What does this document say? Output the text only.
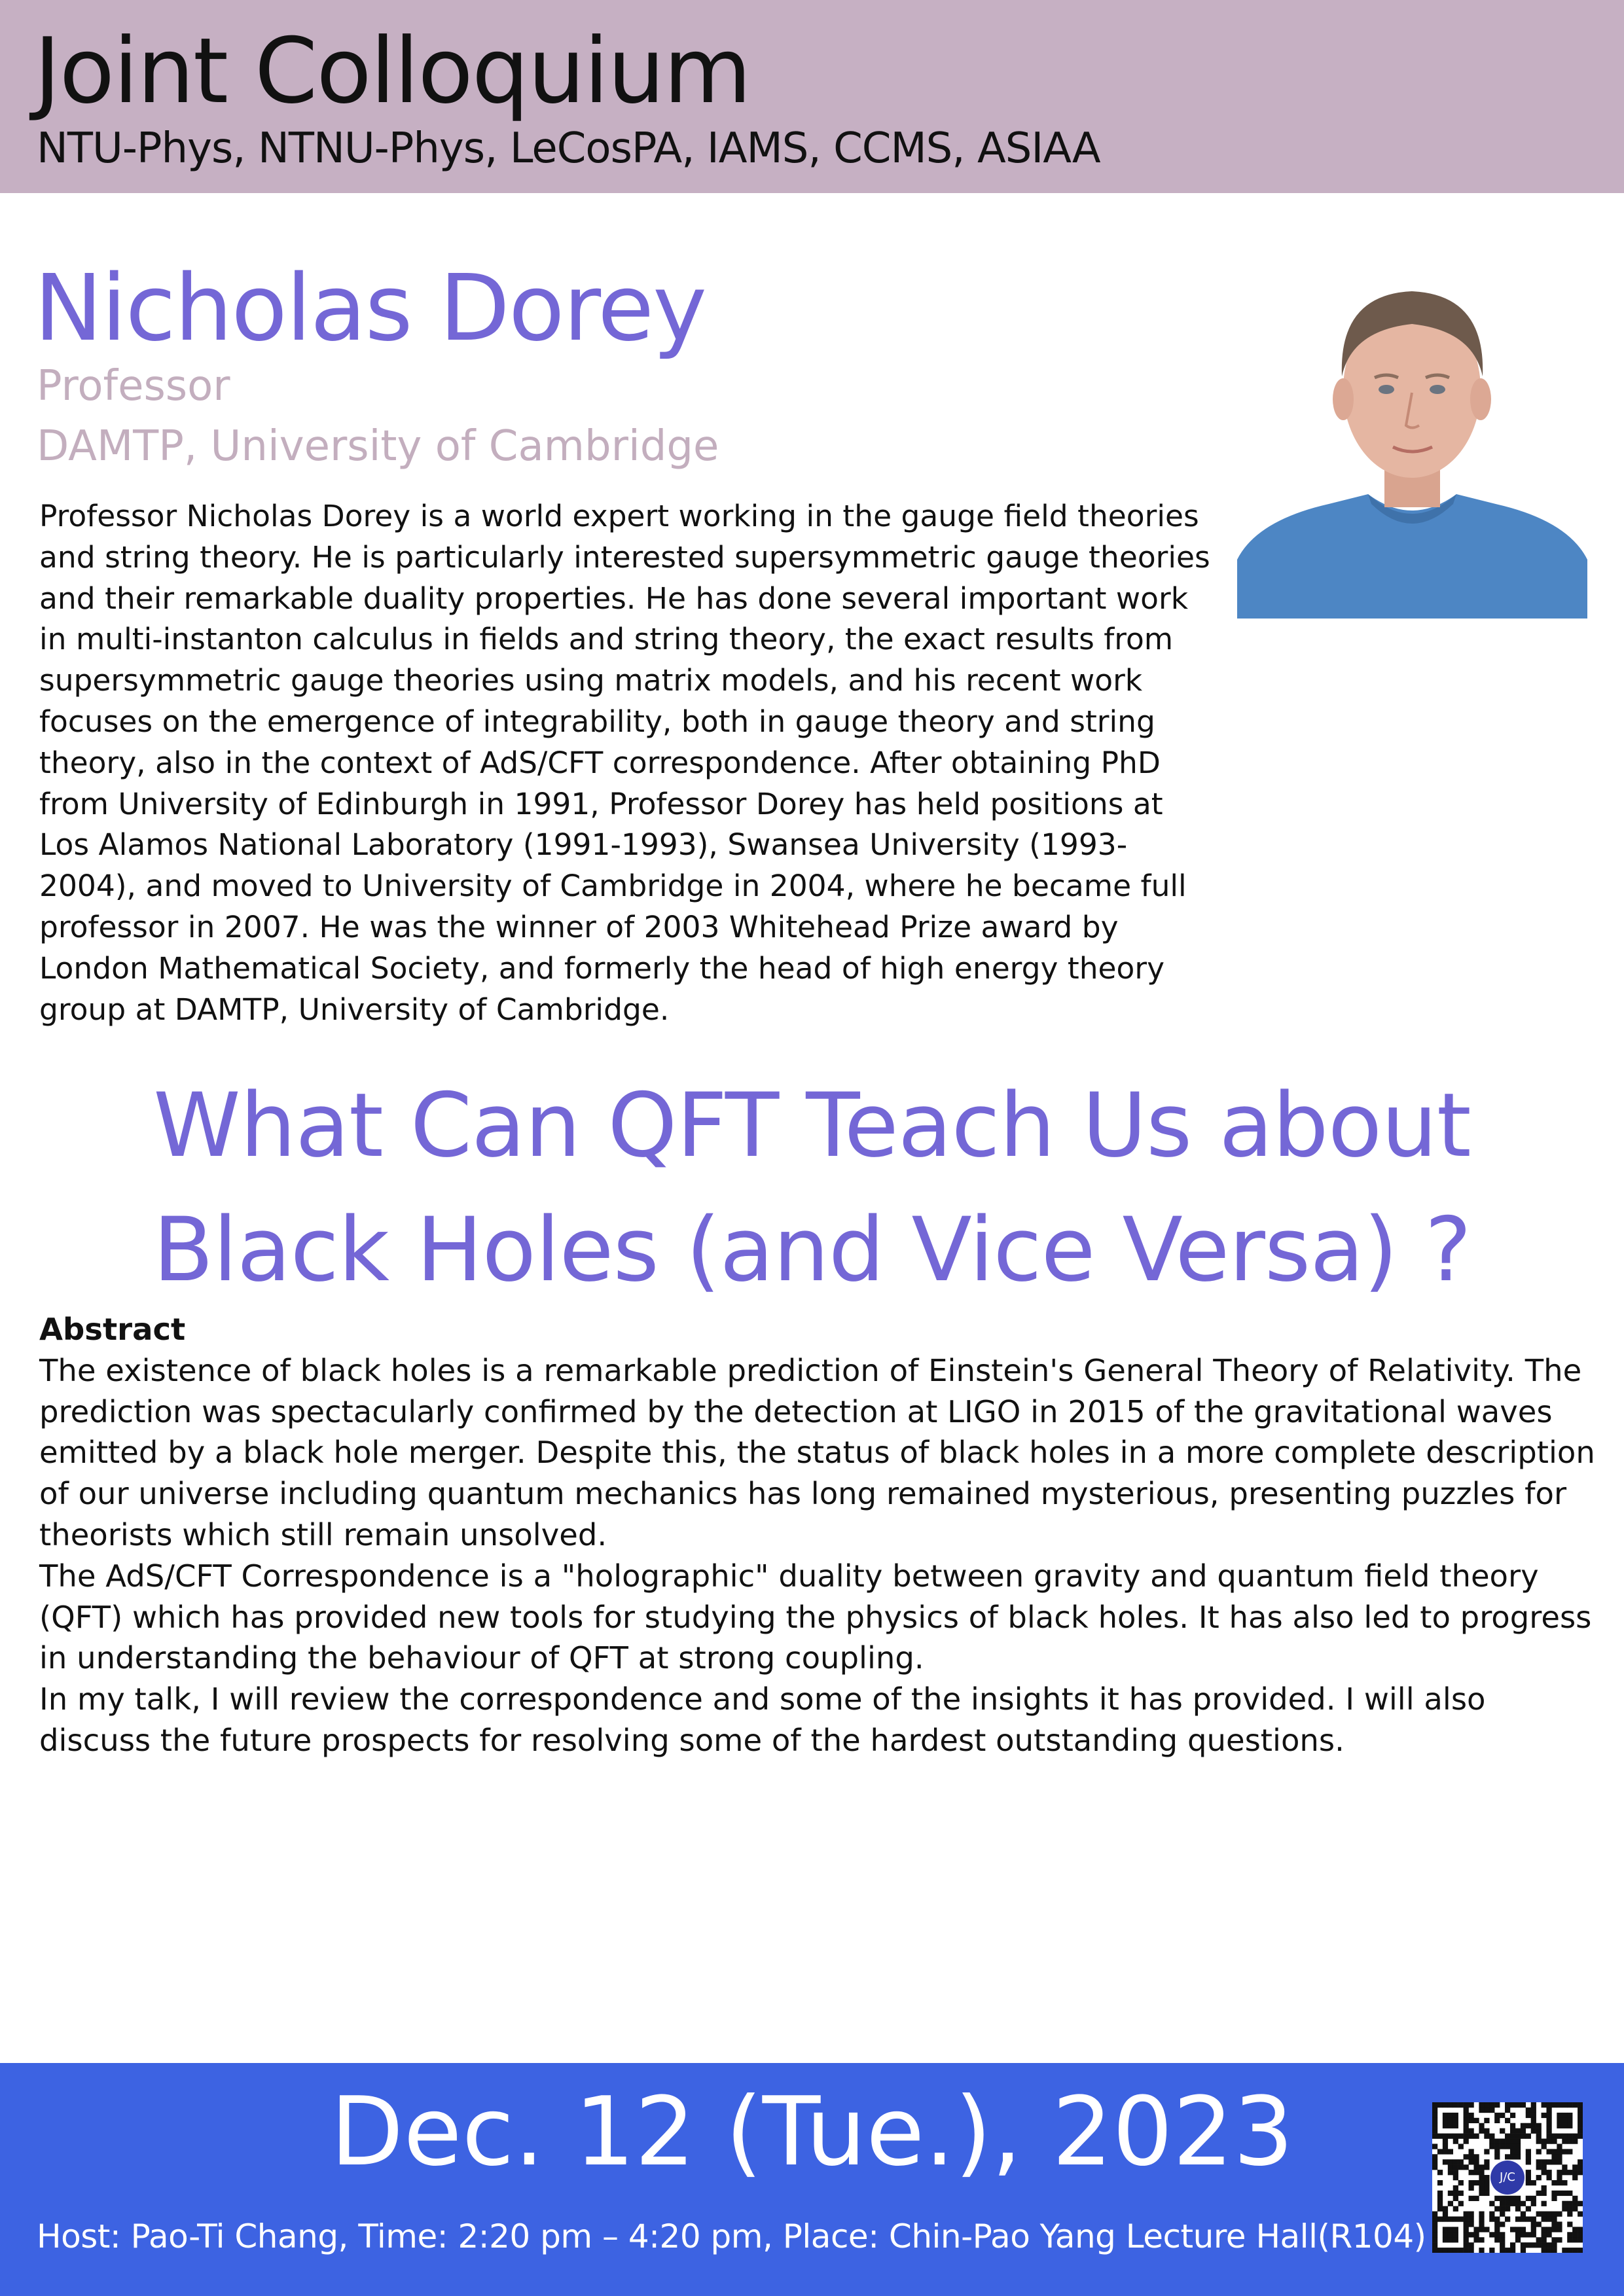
Joint Colloquium
NTU-Phys, NTNU-Phys, LeCosPA, IAMS, CCMS, ASIAA
Nicholas Dorey
Professor
DAMTP, University of Cambridge
Professor Nicholas Dorey is a world expert working in the gauge field theories and string theory. He is particularly interested supersymmetric gauge theories and their remarkable duality properties. He has done several important work in multi-instanton calculus in fields and string theory, the exact results from supersymmetric gauge theories using matrix models, and his recent work focuses on the emergence of integrability, both in gauge theory and string theory, also in the context of AdS/CFT correspondence. After obtaining PhD from University of Edinburgh in 1991, Professor Dorey has held positions at Los Alamos National Laboratory (1991-1993), Swansea University (1993-2004), and moved to University of Cambridge in 2004, where he became full professor in 2007. He was the winner of 2003 Whitehead Prize award by London Mathematical Society, and formerly the head of high energy theory group at DAMTP, University of Cambridge.
What Can QFT Teach Us about
Black Holes (and Vice Versa) ?
Abstract

The existence of black holes is a remarkable prediction of Einstein's General Theory of Relativity. The prediction was spectacularly confirmed by the detection at LIGO in 2015 of the gravitational waves emitted by a black hole merger. Despite this, the status of black holes in a more complete description of our universe including quantum mechanics has long remained mysterious, presenting puzzles for theorists which still remain unsolved.

The AdS/CFT Correspondence is a "holographic" duality between gravity and quantum field theory (QFT) which has provided new tools for studying the physics of black holes. It has also led to progress in understanding the behaviour of QFT at strong coupling.

In my talk, I will review the correspondence and some of the insights it has provided. I will also discuss the future prospects for resolving some of the hardest outstanding questions.

Dec. 12 (Tue.), 2023
Host: Pao-Ti Chang, Time: 2:20 pm – 4:20 pm, Place: Chin-Pao Yang Lecture Hall(R104)
J/C
